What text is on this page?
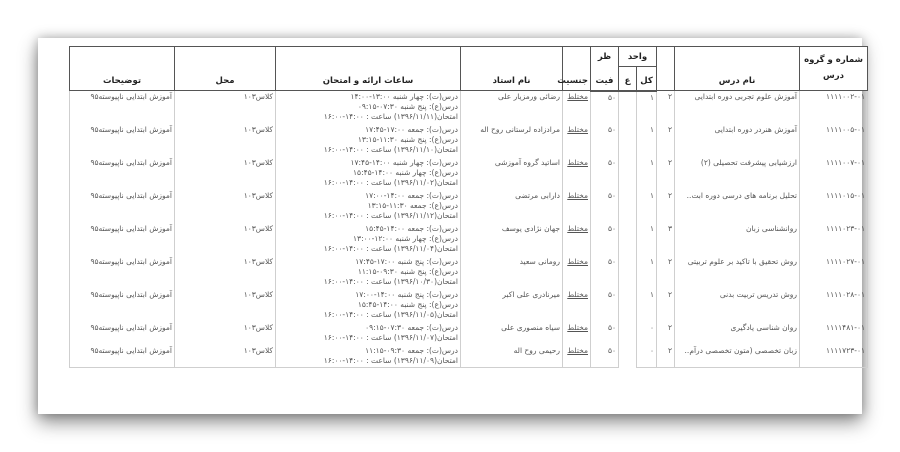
شماره و گروه
درس	نام درس		واحد		ظر	جنسیت	نام استاد	ساعات ارائه و امتحان	محل	توضیحات
			کل	ع	فیت					
۱۱۱۱۰۰۲-۰۱	آموزش علوم تجربی دوره ابتدایی	۲	۱		۵۰	مختلط	رضائی ورمزیار علی	درس(ت): چهار شنبه ۱۳:۰۰-۱۴:۰۰
درس(ع): پنج شنبه ۰۷:۳۰-۰۹:۱۵
امتحان(۱۳۹۶/۱۱/۱۱) ساعت : ۱۴:۰۰-۱۶:۰۰	کلاس۱۰۳	آموزش ابتدایی ناپیوسته۹۵
۱۱۱۱۰۰۵-۰۱	آموزش هنردر دوره ابتدایی	۲	۱		۵۰	مختلط	مرادزاده لرستانی روح اله	درس(ت): جمعه ۱۷:۰۰-۱۷:۴۵
درس(ع): پنج شنبه ۱۱:۳۰-۱۳:۱۵
امتحان(۱۳۹۶/۱۱/۱۰) ساعت : ۱۴:۰۰-۱۶:۰۰	کلاس۱۰۳	آموزش ابتدایی ناپیوسته۹۵
۱۱۱۱۰۰۷-۰۱	ارزشیابی پیشرفت تحصیلی (۲)	۲	۱		۵۰	مختلط	اساتید گروه آموزشی	درس(ت): چهار شنبه ۱۴:۰۰-۱۷:۴۵
درس(ع): چهار شنبه ۱۴:۰۰-۱۵:۴۵
امتحان(۱۳۹۶/۱۱/۰۲) ساعت : ۱۴:۰۰-۱۶:۰۰	کلاس۱۰۳	آموزش ابتدایی ناپیوسته۹۵
۱۱۱۱۰۱۵-۰۱	تحلیل برنامه های درسی دوره ابت..	۲	۱		۵۰	مختلط	دارابی مرتضی	درس(ت): جمعه ۱۴:۰۰-۱۷:۰۰
درس(ع): جمعه ۱۱:۳۰-۱۳:۱۵
امتحان(۱۳۹۶/۱۱/۱۲) ساعت : ۱۴:۰۰-۱۶:۰۰	کلاس۱۰۳	آموزش ابتدایی ناپیوسته۹۵
۱۱۱۱۰۲۳-۰۱	روانشناسی زبان	۳	۱		۵۰	مختلط	جهان نژادی یوسف	درس(ت): جمعه ۱۴:۰۰-۱۵:۴۵
درس(ع): چهار شنبه ۱۲:۰۰-۱۳:۰۰
امتحان(۱۳۹۶/۱۱/۰۴) ساعت : ۱۴:۰۰-۱۶:۰۰	کلاس۱۰۳	آموزش ابتدایی ناپیوسته۹۵
۱۱۱۱۰۲۷-۰۱	روش تحقیق با تاکید بر علوم تربیتی	۲	۱		۵۰	مختلط	رومانی سعید	درس(ت): پنج شنبه ۱۷:۰۰-۱۷:۴۵
درس(ع): پنج شنبه ۰۹:۳۰-۱۱:۱۵
امتحان(۱۳۹۶/۱۰/۳۰) ساعت : ۱۴:۰۰-۱۶:۰۰	کلاس۱۰۳	آموزش ابتدایی ناپیوسته۹۵
۱۱۱۱۰۲۸-۰۱	روش تدریس تربیت بدنی	۲	۱		۵۰	مختلط	میرنادری علی اکبر	درس(ت): پنج شنبه ۱۴:۰۰-۱۷:۰۰
درس(ع): پنج شنبه ۱۴:۰۰-۱۵:۴۵
امتحان(۱۳۹۶/۱۱/۰۵) ساعت : ۱۴:۰۰-۱۶:۰۰	کلاس۱۰۳	آموزش ابتدایی ناپیوسته۹۵
۱۱۱۱۴۸۱-۰۱	روان شناسی یادگیری	۲	۰		۵۰	مختلط	سیاه منصوری علی	درس(ت): جمعه ۰۷:۳۰-۰۹:۱۵
امتحان(۱۳۹۶/۱۱/۰۷) ساعت : ۱۴:۰۰-۱۶:۰۰	کلاس۱۰۳	آموزش ابتدایی ناپیوسته۹۵
۱۱۱۱۷۲۳-۰۱	زبان تخصصی (متون تخصصی درآم..	۲	۰		۵۰	مختلط	رحیمی روح اله	درس(ت): جمعه ۰۹:۳۰-۱۱:۱۵
امتحان(۱۳۹۶/۱۱/۰۹) ساعت : ۱۴:۰۰-۱۶:۰۰	کلاس۱۰۳	آموزش ابتدایی ناپیوسته۹۵
